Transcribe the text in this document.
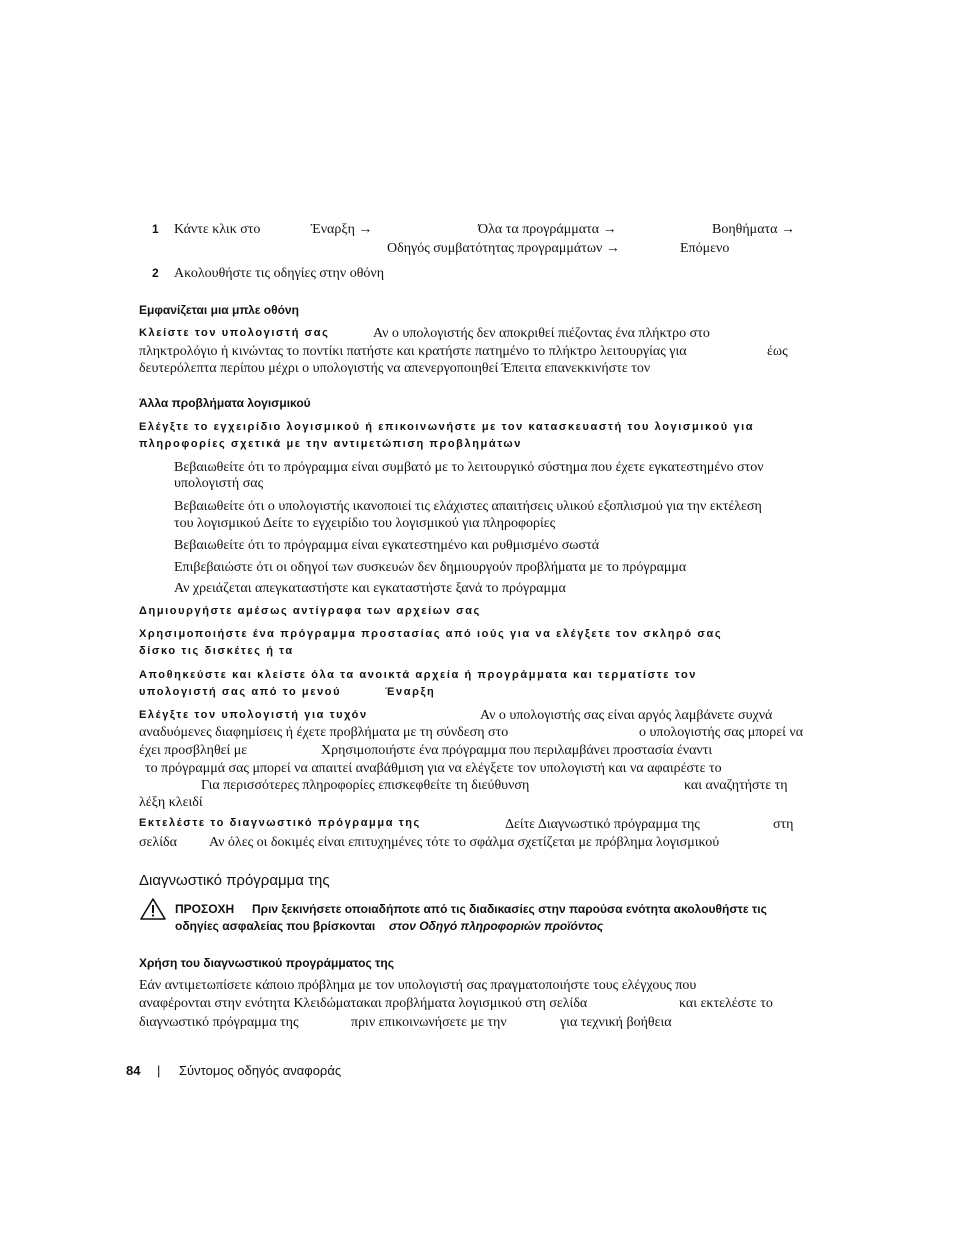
1 Κάντε κλικ στο	Έναρξη →	Όλα τα προγράμματα →	Βοηθήματα →
Οδηγός συμβατότητας προγραμμάτων →	Επόμενο
2 Ακολουθήστε τις οδηγίες στην οθόνη
Εμφανίζεται μια μπλε οθόνη
Κλείστε τον υπολογιστή σας	Αν ο υπολογιστής δεν αποκριθεί πιέζοντας ένα πλήκτρο στο
πληκτρολόγιο ή κινώντας το ποντίκι πατήστε και κρατήστε πατημένο το πλήκτρο λειτουργίας για	έως
δευτερόλεπτα περίπου μέχρι ο υπολογιστής να απενεργοποιηθεί Έπειτα επανεκκινήστε τον
Άλλα προβλήματα λογισμικού
Ελέγξτε το εγχειρίδιο λογισμικού ή επικοινωνήστε με τον κατασκευαστή του λογισμικού για
πληροφορίες σχετικά με την αντιμετώπιση προβλημάτων
Βεβαιωθείτε ότι το πρόγραμμα είναι συμβατό με το λειτουργικό σύστημα που έχετε εγκατεστημένο στον
υπολογιστή σας
Βεβαιωθείτε ότι ο υπολογιστής ικανοποιεί τις ελάχιστες απαιτήσεις υλικού εξοπλισμού για την εκτέλεση
του λογισμικού Δείτε το εγχειρίδιο του λογισμικού για πληροφορίες
Βεβαιωθείτε ότι το πρόγραμμα είναι εγκατεστημένο και ρυθμισμένο σωστά
Επιβεβαιώστε ότι οι οδηγοί των συσκευών δεν δημιουργούν προβλήματα με το πρόγραμμα
Αν χρειάζεται απεγκαταστήστε και εγκαταστήστε ξανά το πρόγραμμα
Δημιουργήστε αμέσως αντίγραφα των αρχείων σας
Χρησιμοποιήστε ένα πρόγραμμα προστασίας από ιούς για να ελέγξετε τον σκληρό σας
δίσκο τις δισκέτες ή τα
Αποθηκεύστε και κλείστε όλα τα ανοικτά αρχεία ή προγράμματα και τερματίστε τον
υπολογιστή σας από το μενού	Έναρξη
Ελέγξτε τον υπολογιστή για τυχόν	Αν ο υπολογιστής σας είναι αργός λαμβάνετε συχνά
αναδυόμενες διαφημίσεις ή έχετε προβλήματα με τη σύνδεση στο	ο υπολογιστής σας μπορεί να
έχει προσβληθεί με	Χρησιμοποιήστε ένα πρόγραμμα που περιλαμβάνει προστασία έναντι
το πρόγραμμά σας μπορεί να απαιτεί αναβάθμιση για να ελέγξετε τον υπολογιστή και να αφαιρέστε το
Για περισσότερες πληροφορίες επισκεφθείτε τη διεύθυνση	και αναζητήστε τη
λέξη κλειδί
Εκτελέστε το διαγνωστικό πρόγραμμα της	Δείτε Διαγνωστικό πρόγραμμα της	στη
σελίδα Αν όλες οι δοκιμές είναι επιτυχημένες τότε το σφάλμα σχετίζεται με πρόβλημα λογισμικού
Διαγνωστικό πρόγραμμα της
ΠΡΟΣΟΧΗ Πριν ξεκινήσετε οποιαδήποτε από τις διαδικασίες στην παρούσα ενότητα ακολουθήστε τις
οδηγίες ασφαλείας που βρίσκονται στον Οδηγό πληροφοριών προϊόντος
Χρήση του διαγνωστικού προγράμματος της
Εάν αντιμετωπίσετε κάποιο πρόβλημα με τον υπολογιστή σας πραγματοποιήστε τους ελέγχους που
αναφέρονται στην ενότητα Κλειδώματακαι προβλήματα λογισμικού στη σελίδα	και εκτελέστε το
διαγνωστικό πρόγραμμα της	πριν επικοινωνήσετε με την	για τεχνική βοήθεια
84 | Σύντομος οδηγός αναφοράς
